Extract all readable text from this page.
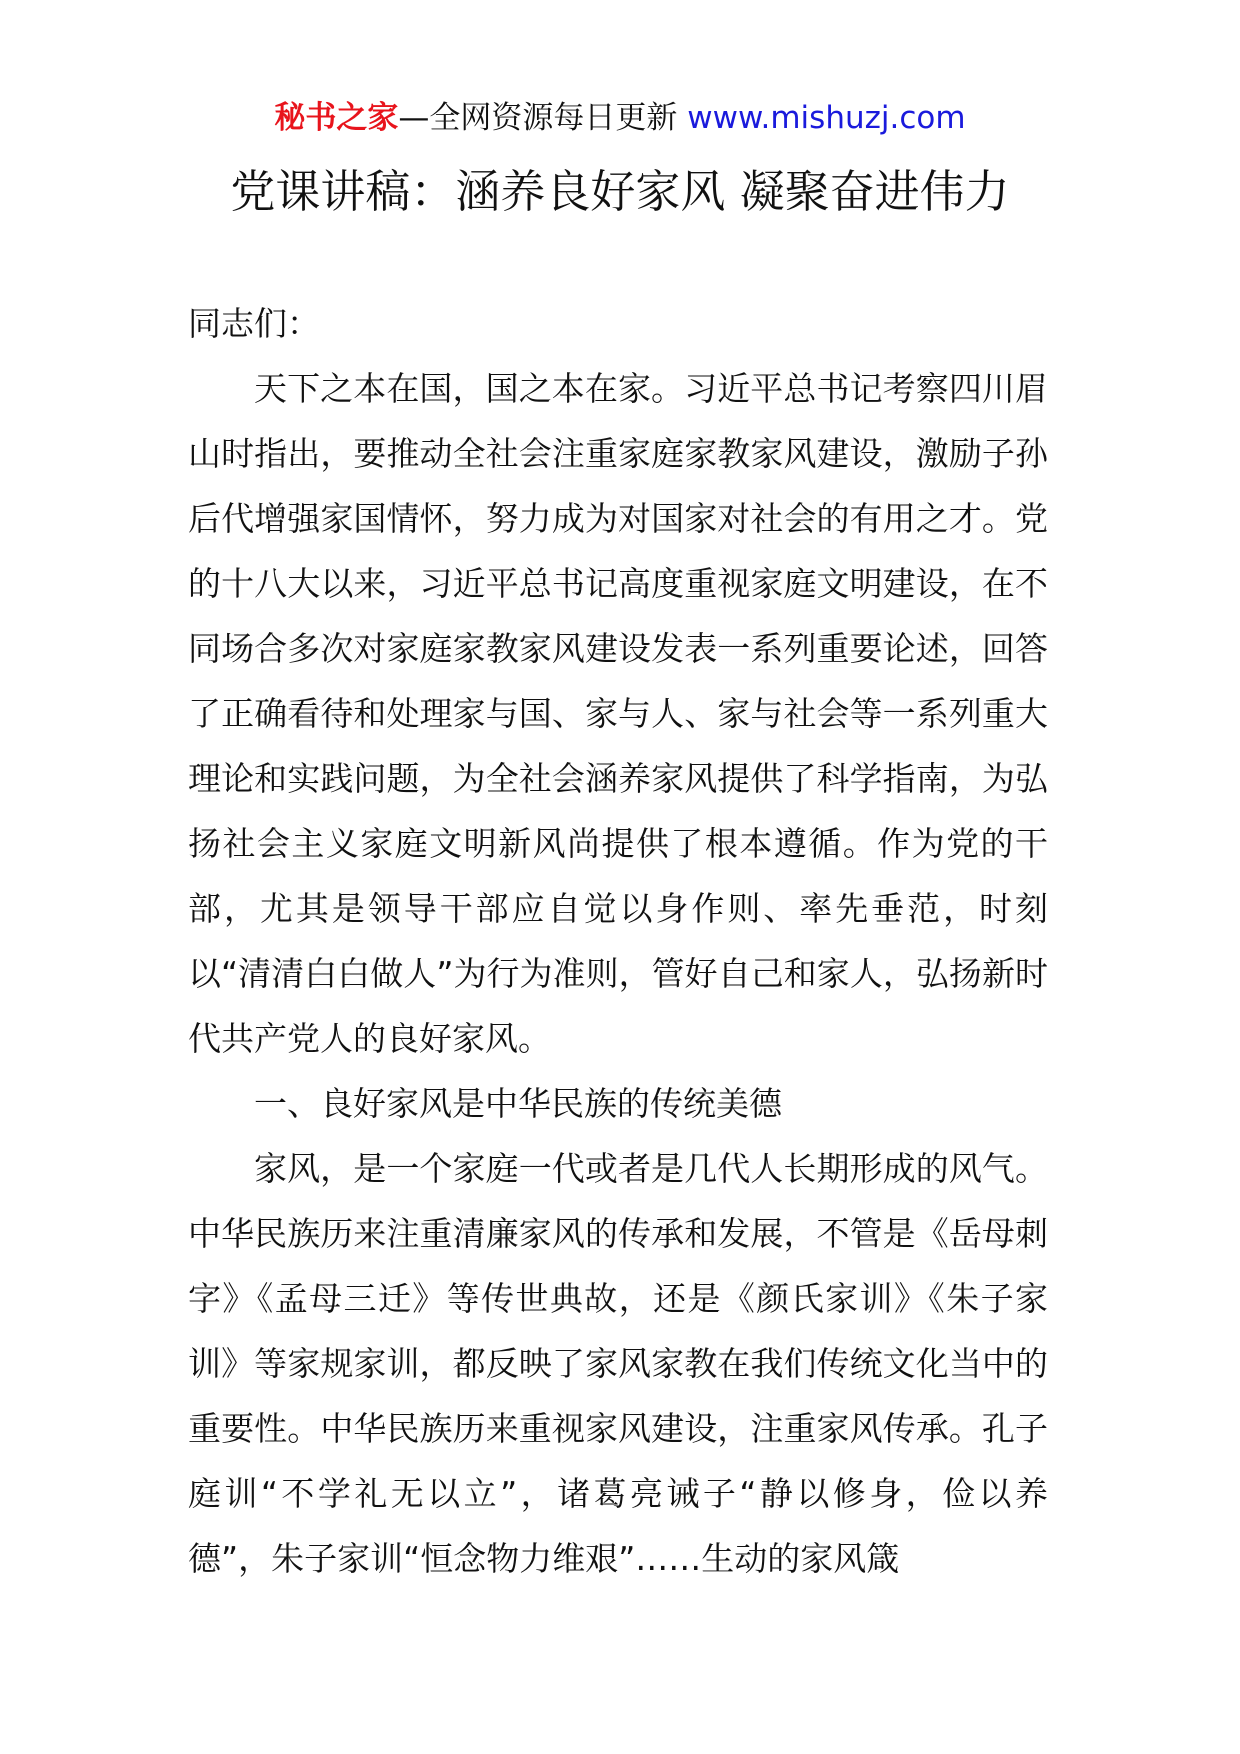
秘书之家—全网资源每日更新 www.mishuzj.com
党课讲稿：涵养良好家风 凝聚奋进伟力

同志们：

天下之本在国，国之本在家。习近平总书记考察四川眉山时指出，要推动全社会注重家庭家教家风建设，激励子孙后代增强家国情怀，努力成为对国家对社会的有用之才。党的十八大以来，习近平总书记高度重视家庭文明建设，在不同场合多次对家庭家教家风建设发表一系列重要论述，回答了正确看待和处理家与国、家与人、家与社会等一系列重大理论和实践问题，为全社会涵养家风提供了科学指南，为弘扬社会主义家庭文明新风尚提供了根本遵循。作为党的干部，尤其是领导干部应自觉以身作则、率先垂范，时刻以“清清白白做人”为行为准则，管好自己和家人，弘扬新时代共产党人的良好家风。

一、良好家风是中华民族的传统美德

家风，是一个家庭一代或者是几代人长期形成的风气。中华民族历来注重清廉家风的传承和发展，不管是《岳母刺字》《孟母三迁》等传世典故，还是《颜氏家训》《朱子家训》等家规家训，都反映了家风家教在我们传统文化当中的重要性。中华民族历来重视家风建设，注重家风传承。孔子庭训“不学礼无以立”，诸葛亮诫子“静以修身，俭以养德”，朱子家训“恒念物力维艰”……生动的家风箴
